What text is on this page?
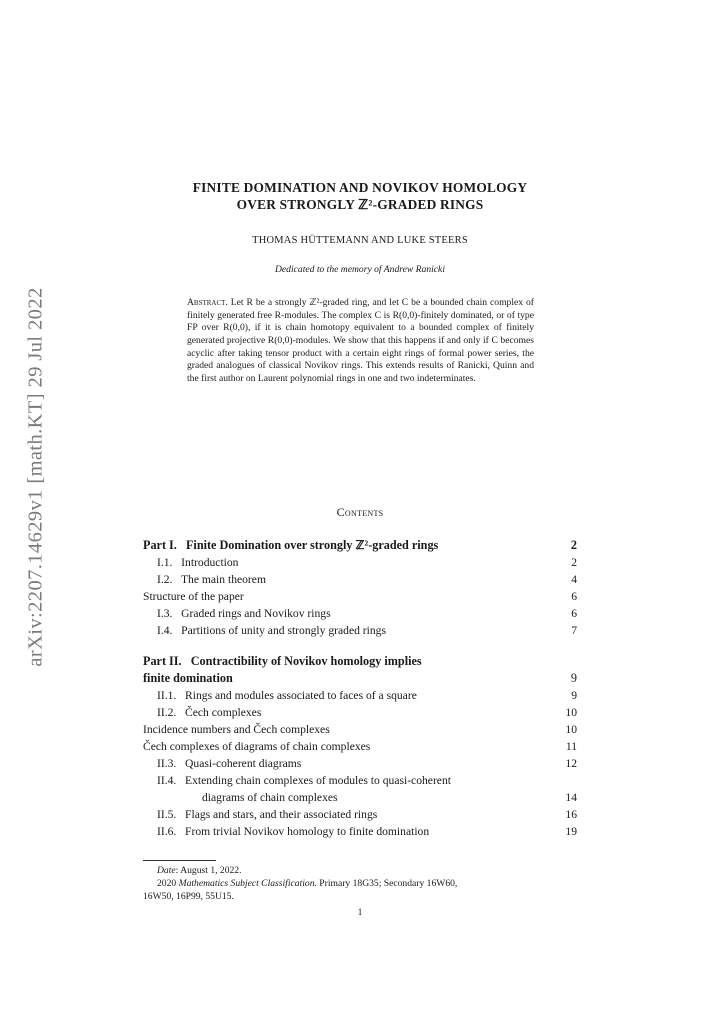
arXiv:2207.14629v1 [math.KT] 29 Jul 2022
FINITE DOMINATION AND NOVIKOV HOMOLOGY
OVER STRONGLY ℤ²-GRADED RINGS
THOMAS HÜTTEMANN AND LUKE STEERS
Dedicated to the memory of Andrew Ranicki

Abstract. Let R be a strongly ℤ²-graded ring, and let C be a bounded chain complex of finitely generated free R-modules. The complex C is R(0,0)-finitely dominated, or of type FP over R(0,0), if it is chain homotopy equivalent to a bounded complex of finitely generated projective R(0,0)-modules. We show that this happens if and only if C becomes acyclic after taking tensor product with a certain eight rings of formal power series, the graded analogues of classical Novikov rings. This extends results of Ranicki, Quinn and the first author on Laurent polynomial rings in one and two indeterminates.

Contents
Part I. Finite Domination over strongly ℤ²-graded rings	2
I.1. Introduction	2
I.2. The main theorem	4
Structure of the paper	6
I.3. Graded rings and Novikov rings	6
I.4. Partitions of unity and strongly graded rings	7
Part II. Contractibility of Novikov homology implies
finite domination	9
II.1. Rings and modules associated to faces of a square	9
II.2. Čech complexes	10
Incidence numbers and Čech complexes	10
Čech complexes of diagrams of chain complexes	11
II.3. Quasi-coherent diagrams	12
II.4. Extending chain complexes of modules to quasi-coherent
diagrams of chain complexes	14
II.5. Flags and stars, and their associated rings	16
II.6. From trivial Novikov homology to finite domination	19

Date: August 1, 2022.

2020 Mathematics Subject Classification. Primary 18G35; Secondary 16W60,

16W50, 16P99, 55U15.

1
